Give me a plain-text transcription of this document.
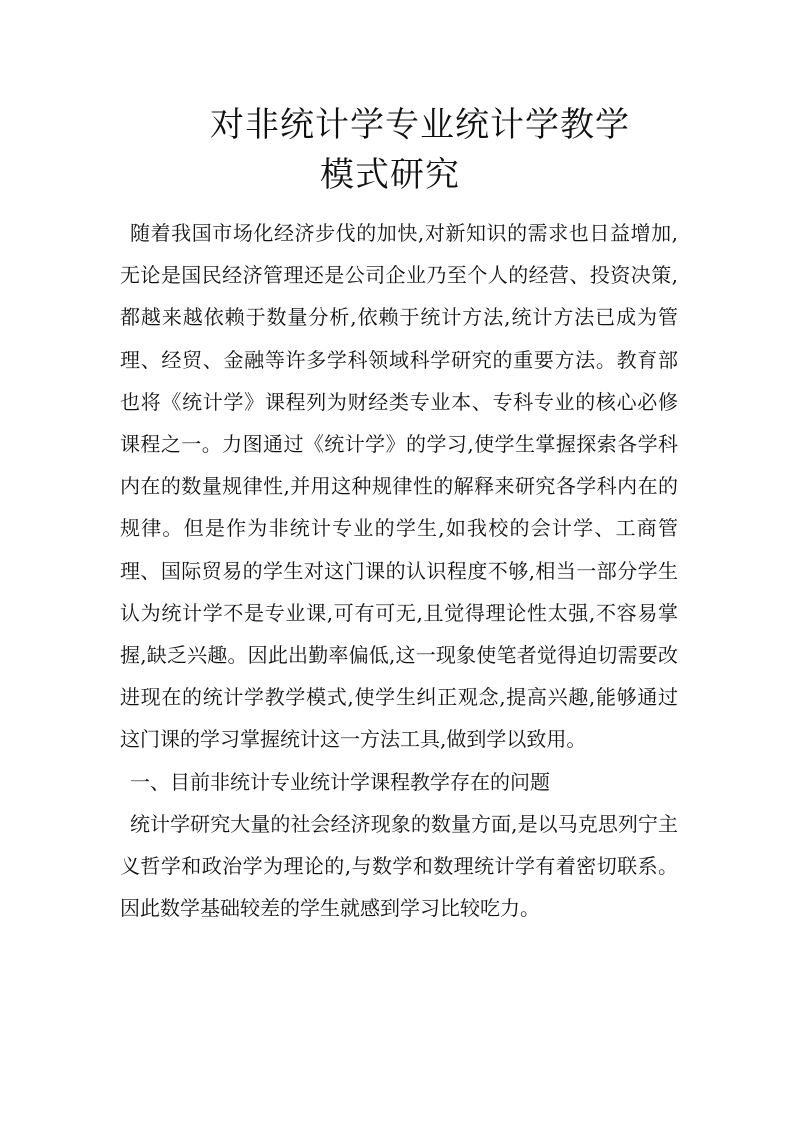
对非统计学专业统计学教学
模式研究

随着我国市场化经济步伐的加快,对新知识的需求也日益增加,无论是国民经济管理还是公司企业乃至个人的经营、投资决策,都越来越依赖于数量分析,依赖于统计方法,统计方法已成为管理、经贸、金融等许多学科领域科学研究的重要方法。教育部也将《统计学》课程列为财经类专业本、专科专业的核心必修课程之一。力图通过《统计学》的学习,使学生掌握探索各学科内在的数量规律性,并用这种规律性的解释来研究各学科内在的规律。但是作为非统计专业的学生,如我校的会计学、工商管理、国际贸易的学生对这门课的认识程度不够,相当一部分学生认为统计学不是专业课,可有可无,且觉得理论性太强,不容易掌握,缺乏兴趣。因此出勤率偏低,这一现象使笔者觉得迫切需要改进现在的统计学教学模式,使学生纠正观念,提高兴趣,能够通过这门课的学习掌握统计这一方法工具,做到学以致用。

一、目前非统计专业统计学课程教学存在的问题

统计学研究大量的社会经济现象的数量方面,是以马克思列宁主义哲学和政治学为理论的,与数学和数理统计学有着密切联系。因此数学基础较差的学生就感到学习比较吃力。
